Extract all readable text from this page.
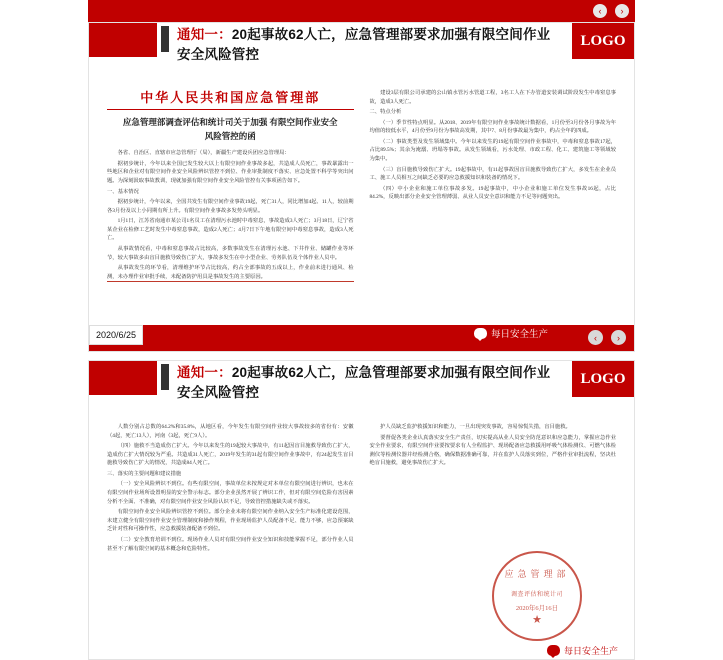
‹	›
通知一：20起事故62人亡，应急管理部要求加强有限空间作业
安全风险管控
LOGO
中华人民共和国应急管理部
应急管理部调查评估和统计司关于加强 有限空间作业安全风险管控的函

各省、自治区、直辖市应急管理厅（局），新疆生产建设兵团应急管理局：

据初步统计，今年以来全国已发生较大以上有限空间作业事故多起，共造成人员死亡，事故暴露出一些地区和企业对有限空间作业安全风险辨识管控不到位、作业审批制度不落实、应急处置不科学等突出问题。为深刻汲取事故教训，现就加强有限空间作业安全风险管控有关事项函告如下。

一、基本情况

据初步统计，今年以来，全国共发生有限空间作业事故19起，死亡31人，同比增加4起、11人，较前期各3月份及以上小同期有所上升。有限空间作业事故多发势头明显。

1月1日，江苏省南通市某公司1名员工在清理污水池时中毒窒息，事故造成3人死亡；3月18日，辽宁省某企业在检修工艺时发生中毒窒息事故，造成2人死亡；4月7日下午地有限空间中毒窒息事故，造成3人死亡。

从事故情况看，中毒和窒息事故占比较高，多数事故发生在清理污水池、下井作业、储罐作业等环节，较大事故多由盲目施救导致伤亡扩大，事故多发生在中小型企业、劳务队伍及个体作业人员中。

从事故发生的环节看，清理维护环节占比较高，约占全部事故的五成以上，作业前未进行通风、检测，未办理作业审批手续，未配备防护用具是事故发生的主要原因。

建设3层有限公司承建的公山镇水管污水管道工程，3名工人在下办管道安装调试阶段发生中毒窒息事故，造成3人死亡。

二、特点分析

（一）季节性特点明显。从2018、2019年有限空间作业事故统计数据看，1月份至3月份各月事故为年均值的较低水平，4月份至9月份为事故高发期，其中7、8月份事故最为集中，约占全年的四成。

（二）事故类型及发生领域集中。今年以来发生的19起有限空间作业事故中，中毒和窒息事故17起，占比89.5%；其余为淹溺、坍塌等事故。从发生领域看，污水处理、市政工程、化工、建筑施工等领域较为集中。

（三）盲目施救导致伤亡扩大。19起事故中，有11起事故因盲目施救导致伤亡扩大，多发生在企业员工、施工人员相互之间缺乏必要的应急救援知识和装备的情况下。

（四）中小企业和施工单位事故多发。19起事故中，中小企业和施工单位发生事故16起，占比84.2%，反映出部分企业安全管理薄弱、从业人员安全意识和能力不足等问题突出。

2020/6/25	每日安全生产	‹	›
通知一：20起事故62人亡，应急管理部要求加强有限空间作业
安全风险管控
LOGO

人数分别占总数的64.2%和35.8%，从地区看，今年发生有限空间作业较大事故较多的省份有：安徽（4起，死亡13人），河南（3起，死亡9人）。

（四）施救不当造成伤亡扩大。今年以来发生的19起较大事故中，有11起因盲目施救导致伤亡扩大，造成伤亡扩大情况较为严重。共造成31人死亡，2019年发生的31起有限空间作业事故中，有24起发生盲目施救导致伤亡扩大的情况，共造成84人死亡。

三、落实的主要问题和建议措施

（一）安全风险辨识不到位。有些有限空间，事故单位未按规定对本单位有限空间进行辨识，也未在有限空间作业场所设置明显的安全警示标志。部分企业虽然开展了辨识工作，但对有限空间危险有害因素分析不全面、不准确，对有限空间作业安全风险认识不足，导致管控措施缺失或不落实。

有限空间作业安全风险辨识管控不到位。部分企业未将有限空间作业纳入安全生产标准化建设范围，未建立健全有限空间作业安全管理制度和操作规程，作业现场监护人员配备不足、能力不够，应急预案缺乏针对性和可操作性，应急救援装备配备不到位。

（二）安全教育培训不到位。现场作业人员对有限空间作业安全知识和技能掌握不足，部分作业人员甚至不了解有限空间的基本概念和危险特性。

护人员缺乏监护救援知识和能力，一旦出现突发事故，容易惊慌失措，盲目施救。

要督促各类企业认真落实安全生产责任，切实提高从业人员安全防范意识和应急能力，掌握应急作业安全作业要求，有限空间作业要按要求有人全程监护、现场配备应急救援用呼吸气体检测仪、可燃气体检测仪等检测仪器并经检测合格，确保数据准确可靠，并在监护人员落实到位，严格作业审批流程，坚决杜绝盲目施救，避免事故伤亡扩大。

应急管理部
调查评估和统计司
2020年6月16日
★
每日安全生产
